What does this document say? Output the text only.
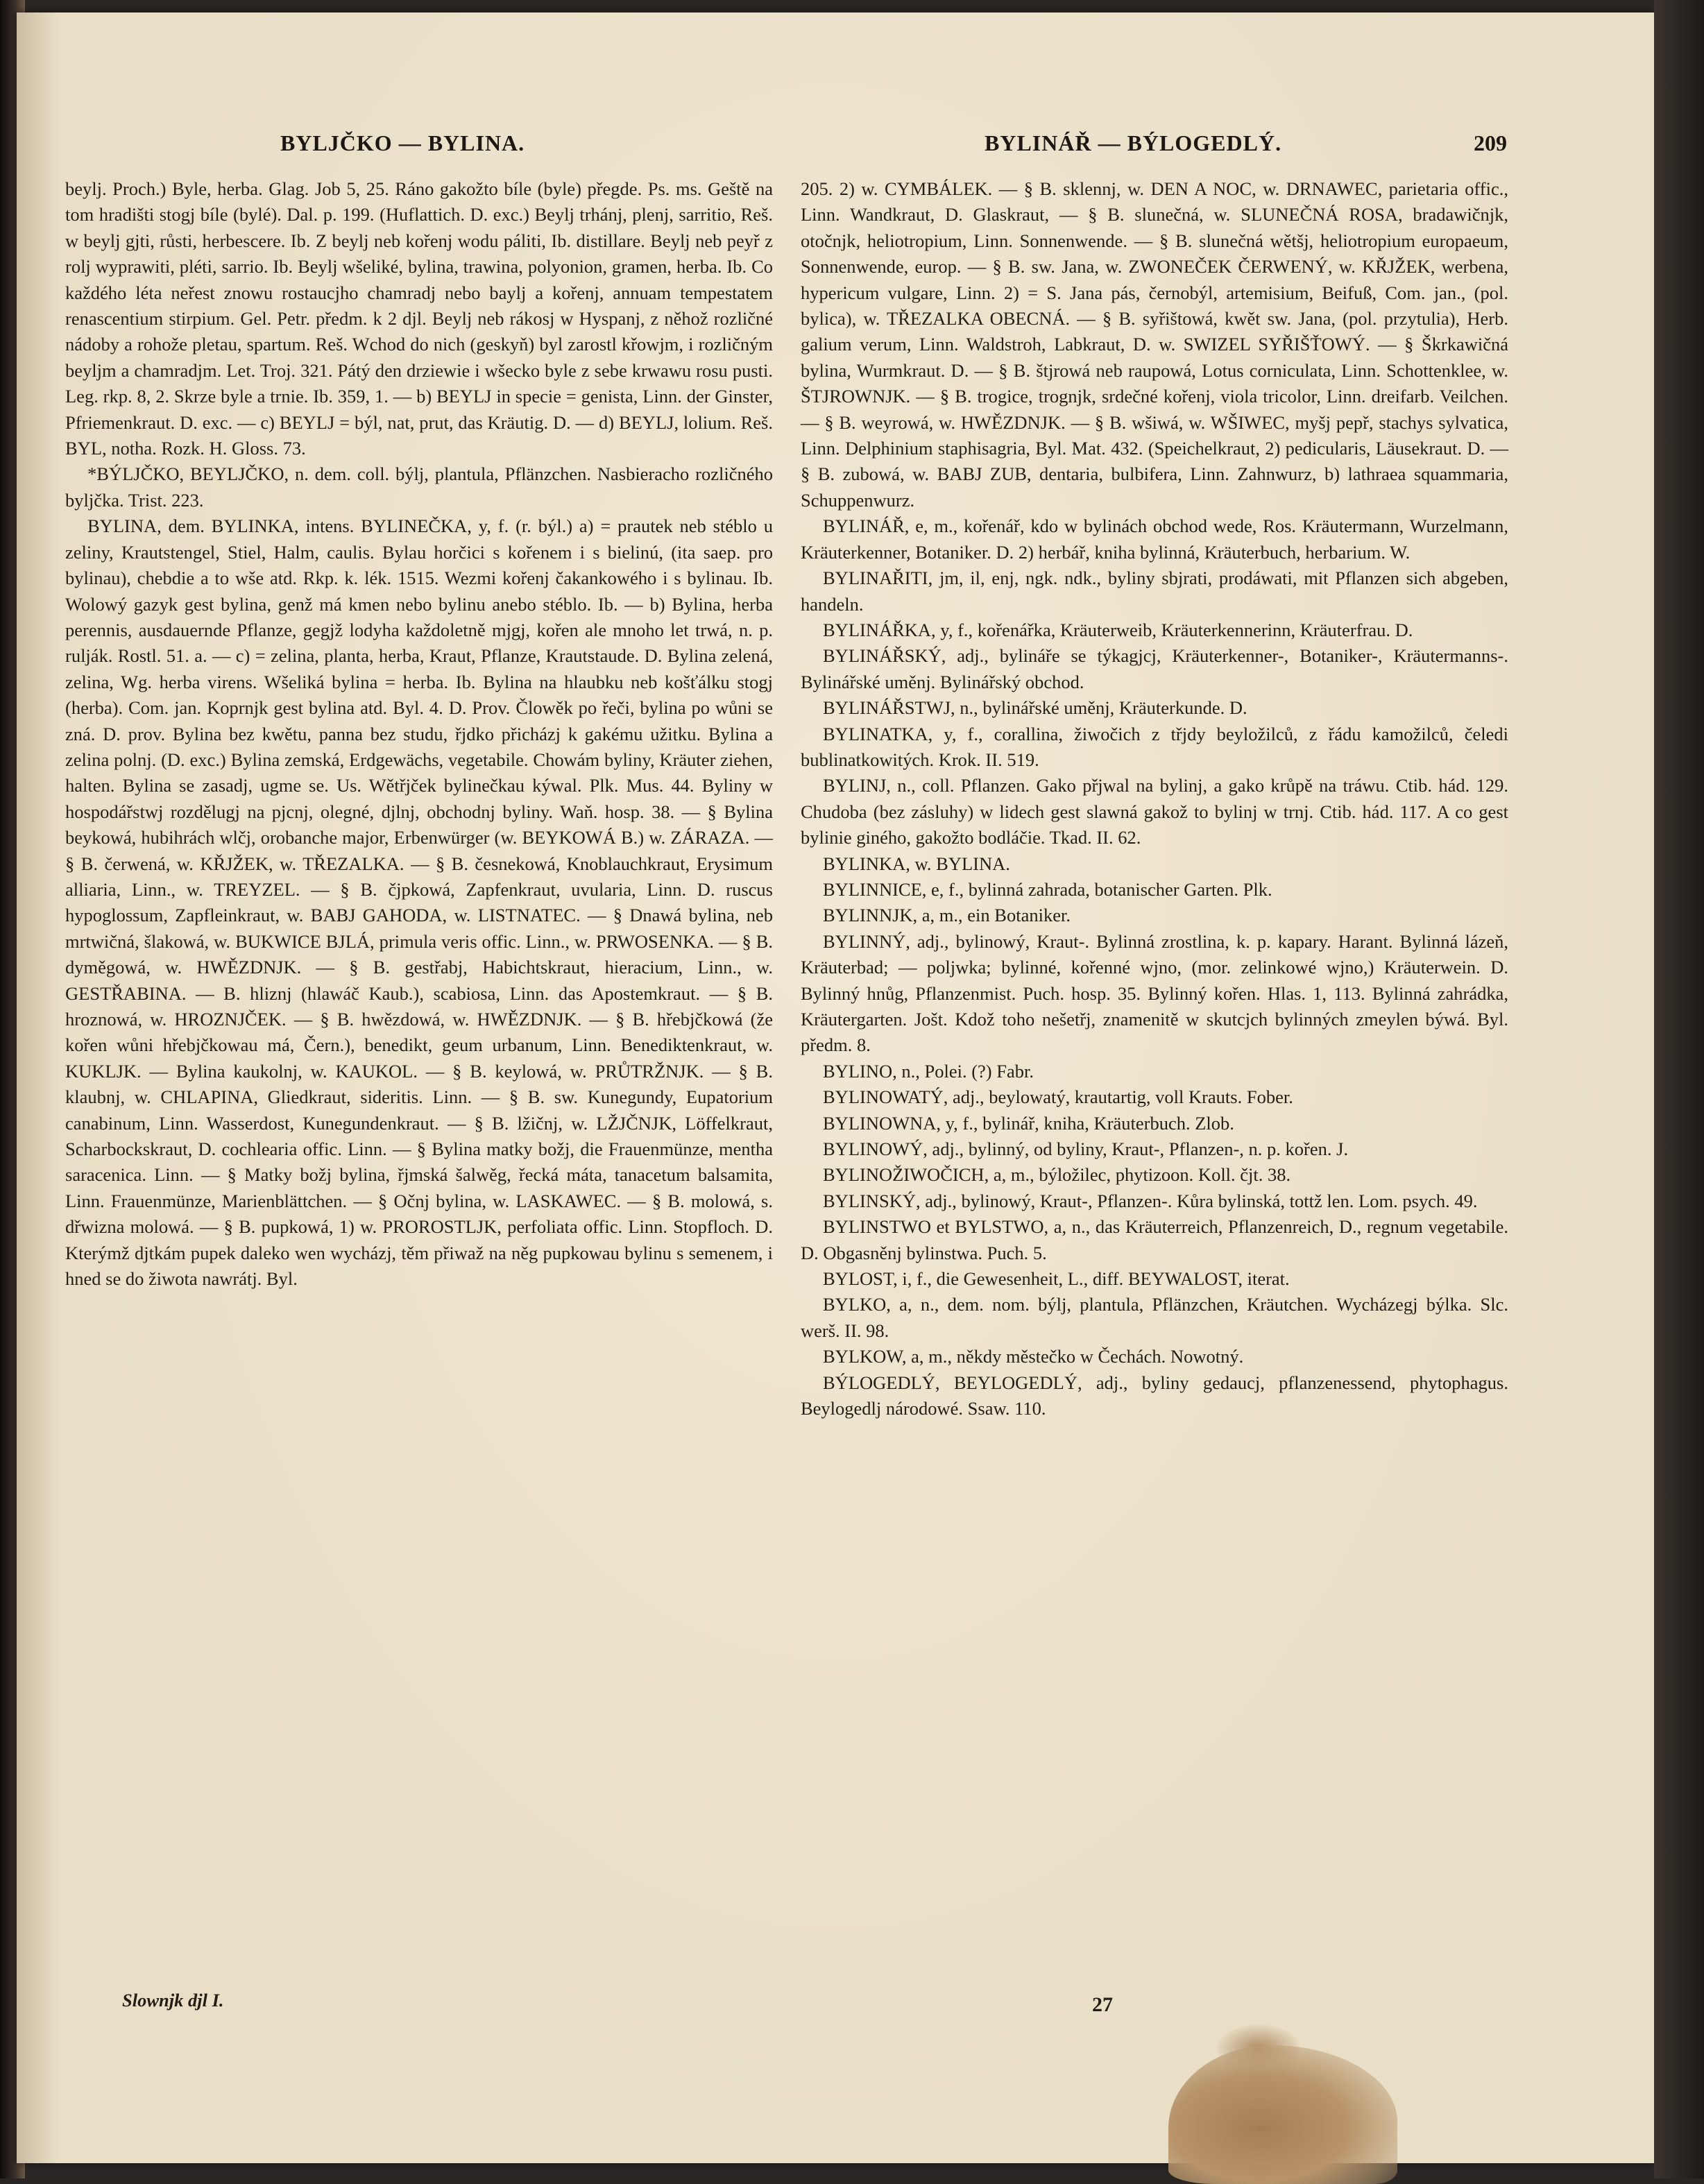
BYLJČKO — BYLINA.	BYLINÁŘ — BÝLOGEDLÝ.	209

beylj. Proch.) Byle, herba. Glag. Job 5, 25. Ráno gakožto bíle (byle) přegde. Ps. ms. Geště na tom hradišti stogj bíle (bylé). Dal. p. 199. (Huflattich. D. exc.) Beylj trhánj, plenj, sarritio, Reš. w beylj gjti, růsti, herbescere. Ib. Z beylj neb kořenj wodu páliti, Ib. distillare. Beylj neb peyř z rolj wyprawiti, pléti, sarrio. Ib. Beylj wšeliké, bylina, trawina, polyonion, gramen, herba. Ib. Co každého léta neřest znowu rostaucjho chamradj nebo baylj a kořenj, annuam tempestatem renascentium stirpium. Gel. Petr. předm. k 2 djl. Beylj neb rákosj w Hyspanj, z něhož rozličné nádoby a rohože pletau, spartum. Reš. Wchod do nich (geskyň) byl zarostl křowjm, i rozličným beyljm a chamradjm. Let. Troj. 321. Pátý den drziewie i wšecko byle z sebe krwawu rosu pusti. Leg. rkp. 8, 2. Skrze byle a trnie. Ib. 359, 1. — b) BEYLJ in specie = genista, Linn. der Ginster, Pfriemenkraut. D. exc. — c) BEYLJ = býl, nat, prut, das Kräutig. D. — d) BEYLJ, lolium. Reš. BYL, notha. Rozk. H. Gloss. 73.

*BÝLJČKO, BEYLJČKO, n. dem. coll. býlj, plantula, Pflänzchen. Nasbieracho rozličného byljčka. Trist. 223.

BYLINA, dem. BYLINKA, intens. BYLINEČKA, y, f. (r. býl.) a) = prautek neb stéblo u zeliny, Krautstengel, Stiel, Halm, caulis. Bylau horčici s kořenem i s bielinú, (ita saep. pro bylinau), chebdie a to wše atd. Rkp. k. lék. 1515. Wezmi kořenj čakankowého i s bylinau. Ib. Wolowý gazyk gest bylina, genž má kmen nebo bylinu anebo stéblo. Ib. — b) Bylina, herba perennis, ausdauernde Pflanze, gegjž lodyha každoletně mjgj, kořen ale mnoho let trwá, n. p. rulják. Rostl. 51. a. — c) = zelina, planta, herba, Kraut, Pflanze, Krautstaude. D. Bylina zelená, zelina, Wg. herba virens. Wšeliká bylina = herba. Ib. Bylina na hlaubku neb košťálku stogj (herba). Com. jan. Koprnjk gest bylina atd. Byl. 4. D. Prov. Člowěk po řeči, bylina po wůni se zná. D. prov. Bylina bez kwětu, panna bez studu, řjdko přicházj k gakému užitku. Bylina a zelina polnj. (D. exc.) Bylina zemská, Erdgewächs, vegetabile. Chowám byliny, Kräuter ziehen, halten. Bylina se zasadj, ugme se. Us. Wětřjček bylinečkau kýwal. Plk. Mus. 44. Byliny w hospodářstwj rozdělugj na pjcnj, olegné, djlnj, obchodnj byliny. Waň. hosp. 38. — § Bylina beykowá, hubihrách wlčj, orobanche major, Erbenwürger (w. BEYKOWÁ B.) w. ZÁRAZA. — § B. čerwená, w. KŘJŽEK, w. TŘEZALKA. — § B. česnekowá, Knoblauchkraut, Erysimum alliaria, Linn., w. TREYZEL. — § B. čjpkowá, Zapfenkraut, uvularia, Linn. D. ruscus hypoglossum, Zapfleinkraut, w. BABJ GAHODA, w. LISTNATEC. — § Dnawá bylina, neb mrtwičná, šlakowá, w. BUKWICE BJLÁ, primula veris offic. Linn., w. PRWOSENKA. — § B. dyměgowá, w. HWĚZDNJK. — § B. gestřabj, Habichtskraut, hieracium, Linn., w. GESTŘABINA. — B. hliznj (hlawáč Kaub.), scabiosa, Linn. das Apostemkraut. — § B. hroznowá, w. HROZNJČEK. — § B. hwězdowá, w. HWĚZDNJK. — § B. hřebjčkowá (že kořen wůni hřebjčkowau má, Čern.), benedikt, geum urbanum, Linn. Benediktenkraut, w. KUKLJK. — Bylina kaukolnj, w. KAUKOL. — § B. keylowá, w. PRŮTRŽNJK. — § B. klaubnj, w. CHLAPINA, Gliedkraut, sideritis. Linn. — § B. sw. Kunegundy, Eupatorium canabinum, Linn. Wasserdost, Kunegundenkraut. — § B. lžičnj, w. LŽJČNJK, Löffelkraut, Scharbockskraut, D. cochlearia offic. Linn. — § Bylina matky božj, die Frauenmünze, mentha saracenica. Linn. — § Matky božj bylina, řjmská šalwěg, řecká máta, tanacetum balsamita, Linn. Frauenmünze, Marienblättchen. — § Očnj bylina, w. LASKAWEC. — § B. molowá, s. dřwizna molowá. — § B. pupkowá, 1) w. PROROSTLJK, perfoliata offic. Linn. Stopfloch. D. Kterýmž djtkám pupek daleko wen wycházj, těm přiwaž na něg pupkowau bylinu s semenem, i hned se do žiwota nawrátj. Byl.

Slownjk djl I.

205. 2) w. CYMBÁLEK. — § B. sklennj, w. DEN A NOC, w. DRNAWEC, parietaria offic., Linn. Wandkraut, D. Glaskraut, — § B. slunečná, w. SLUNEČNÁ ROSA, bradawičnjk, otočnjk, heliotropium, Linn. Sonnenwende. — § B. slunečná wětšj, heliotropium europaeum, Sonnenwende, europ. — § B. sw. Jana, w. ZWONEČEK ČERWENÝ, w. KŘJŽEK, werbena, hypericum vulgare, Linn. 2) = S. Jana pás, černobýl, artemisium, Beifuß, Com. jan., (pol. bylica), w. TŘEZALKA OBECNÁ. — § B. syřištowá, kwět sw. Jana, (pol. przytulia), Herb. galium verum, Linn. Waldstroh, Labkraut, D. w. SWIZEL SYŘIŠŤOWÝ. — § Škrkawičná bylina, Wurmkraut. D. — § B. štjrowá neb raupowá, Lotus corniculata, Linn. Schottenklee, w. ŠTJROWNJK. — § B. trogice, trognjk, srdečné kořenj, viola tricolor, Linn. dreifarb. Veilchen. — § B. weyrowá, w. HWĚZDNJK. — § B. wšiwá, w. WŠIWEC, myšj pepř, stachys sylvatica, Linn. Delphinium staphisagria, Byl. Mat. 432. (Speichelkraut, 2) pedicularis, Läusekraut. D. — § B. zubowá, w. BABJ ZUB, dentaria, bulbifera, Linn. Zahnwurz, b) lathraea squammaria, Schuppenwurz.

BYLINÁŘ, e, m., kořenář, kdo w bylinách obchod wede, Ros. Kräutermann, Wurzelmann, Kräuterkenner, Botaniker. D. 2) herbář, kniha bylinná, Kräuterbuch, herbarium. W.

BYLINAŘITI, jm, il, enj, ngk. ndk., byliny sbjrati, prodáwati, mit Pflanzen sich abgeben, handeln.

BYLINÁŘKA, y, f., kořenářka, Kräuterweib, Kräuterkennerinn, Kräuterfrau. D.

BYLINÁŘSKÝ, adj., bylináře se týkagjcj, Kräuterkenner-, Botaniker-, Kräutermanns-. Bylinářské uměnj. Bylinářský obchod.

BYLINÁŘSTWJ, n., bylinářské uměnj, Kräuterkunde. D.

BYLINATKA, y, f., corallina, žiwočich z třjdy beyložilců, z řádu kamožilců, čeledi bublinatkowitých. Krok. II. 519.

BYLINJ, n., coll. Pflanzen. Gako přjwal na bylinj, a gako krůpě na tráwu. Ctib. hád. 129. Chudoba (bez zásluhy) w lidech gest slawná gakož to bylinj w trnj. Ctib. hád. 117. A co gest bylinie giného, gakožto bodláčie. Tkad. II. 62.

BYLINKA, w. BYLINA.

BYLINNICE, e, f., bylinná zahrada, botanischer Garten. Plk.

BYLINNJK, a, m., ein Botaniker.

BYLINNÝ, adj., bylinowý, Kraut-. Bylinná zrostlina, k. p. kapary. Harant. Bylinná lázeň, Kräuterbad; — poljwka; bylinné, kořenné wjno, (mor. zelinkowé wjno,) Kräuterwein. D. Bylinný hnůg, Pflanzenmist. Puch. hosp. 35. Bylinný kořen. Hlas. 1, 113. Bylinná zahrádka, Kräutergarten. Jošt. Kdož toho nešetřj, znamenitě w skutcjch bylinných zmeylen býwá. Byl. předm. 8.

BYLINO, n., Polei. (?) Fabr.

BYLINOWATÝ, adj., beylowatý, krautartig, voll Krauts. Fober.

BYLINOWNA, y, f., bylinář, kniha, Kräuterbuch. Zlob.

BYLINOWÝ, adj., bylinný, od byliny, Kraut-, Pflanzen-, n. p. kořen. J.

BYLINOŽIWOČICH, a, m., býložilec, phytizoon. Koll. čjt. 38.

BYLINSKÝ, adj., bylinowý, Kraut-, Pflanzen-. Kůra bylinská, tottž len. Lom. psych. 49.

BYLINSTWO et BYLSTWO, a, n., das Kräuterreich, Pflanzenreich, D., regnum vegetabile. D. Obgasněnj bylinstwa. Puch. 5.

BYLOST, i, f., die Gewesenheit, L., diff. BEYWALOST, iterat.

BYLKO, a, n., dem. nom. býlj, plantula, Pflänzchen, Kräutchen. Wycházegj býlka. Slc. werš. II. 98.

BYLKOW, a, m., někdy městečko w Čechách. Nowotný.

BÝLOGEDLÝ, BEYLOGEDLÝ, adj., byliny gedaucj, pflanzenessend, phytophagus. Beylogedlj národowé. Ssaw. 110.

27
